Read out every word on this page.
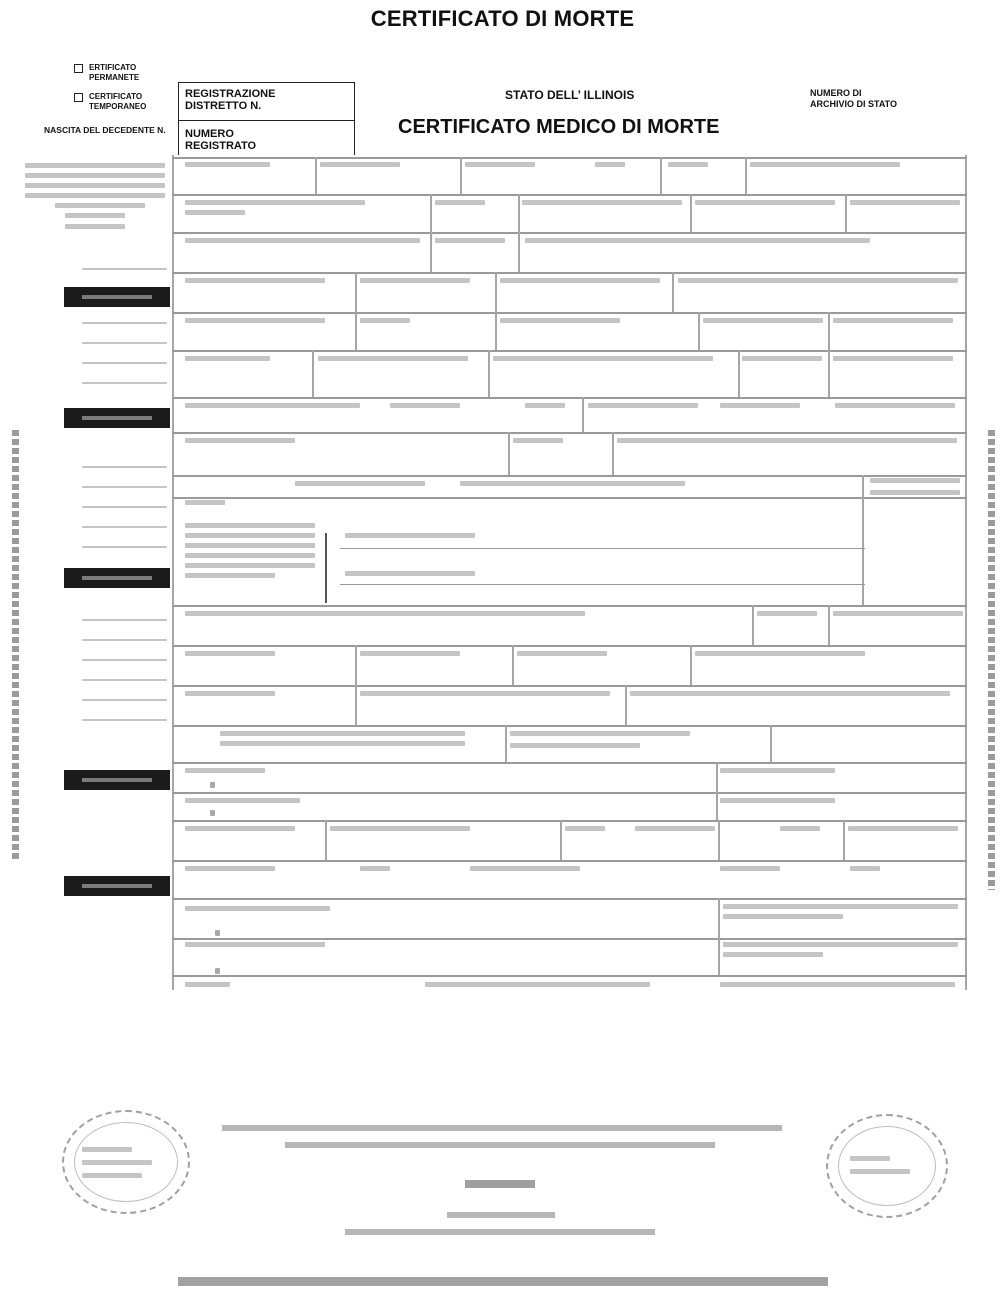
CERTIFICATO DI MORTE
ERTIFICATO
PERMANETE
CERTIFICATO
TEMPORANEO
NASCITA DEL DECEDENTE N.
REGISTRAZIONE
DISTRETTO N.
NUMERO
REGISTRATO
STATO DELL’ ILLINOIS	NUMERO DI
ARCHIVIO DI STATO
CERTIFICATO MEDICO DI MORTE
